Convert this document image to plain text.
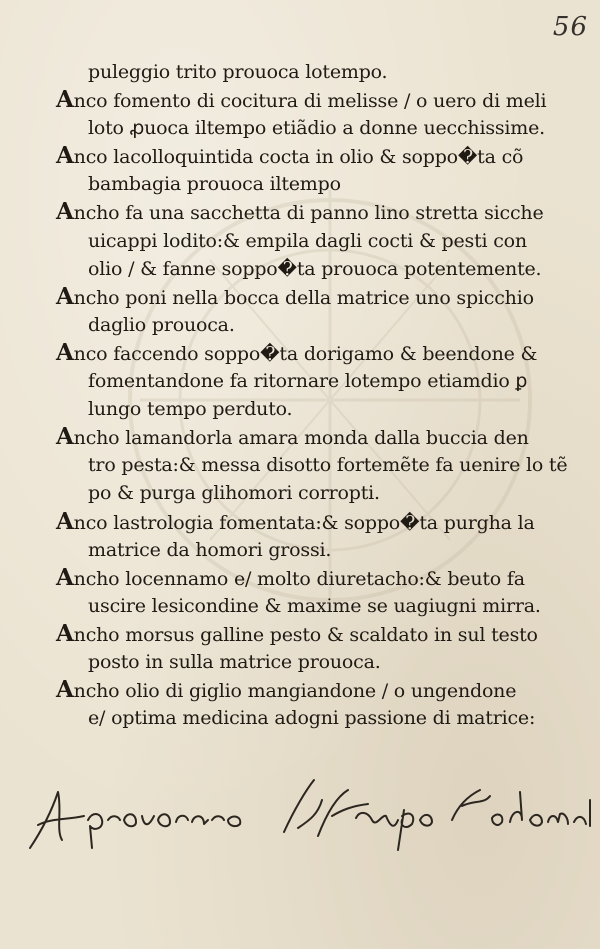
56
puleggio trito prouoca lotempo.
Anco fomento di cocitura di melisse / o uero di meli
loto ꝓuoca iltempo etiãdio a donne uecchissime.
Anco lacolloquintida cocta in olio & soppo�ta cõ
bambagia prouoca iltempo
Ancho fa una sacchetta di panno lino stretta sicche
uicappi lodito:& empila dagli cocti & pesti con
olio / & fanne soppo�ta prouoca potentemente.
Ancho poni nella bocca della matrice uno spicchio
daglio prouoca.
Anco faccendo soppo�ta dorigamo & beendone &
fomentandone fa ritornare lotempo etiamdio ꝑ
lungo tempo perduto.
Ancho lamandorla amara monda dalla buccia den
tro pesta:& messa disotto fortemẽte fa uenire lo tẽ
po & purga glihomori corropti.
Anco lastrologia fomentata:& soppo�ta purgha la
matrice da homori grossi.
Ancho locennamo e/ molto diuretacho:& beuto fa
uscire lesicondine & maxime se uagiugni mirra.
Ancho morsus galline pesto & scaldato in sul testo
posto in sulla matrice prouoca.
Ancho olio di giglio mangiandone / o ungendone
e/ optima medicina adogni passione di matrice:
a prouocare il tempo alle donne
